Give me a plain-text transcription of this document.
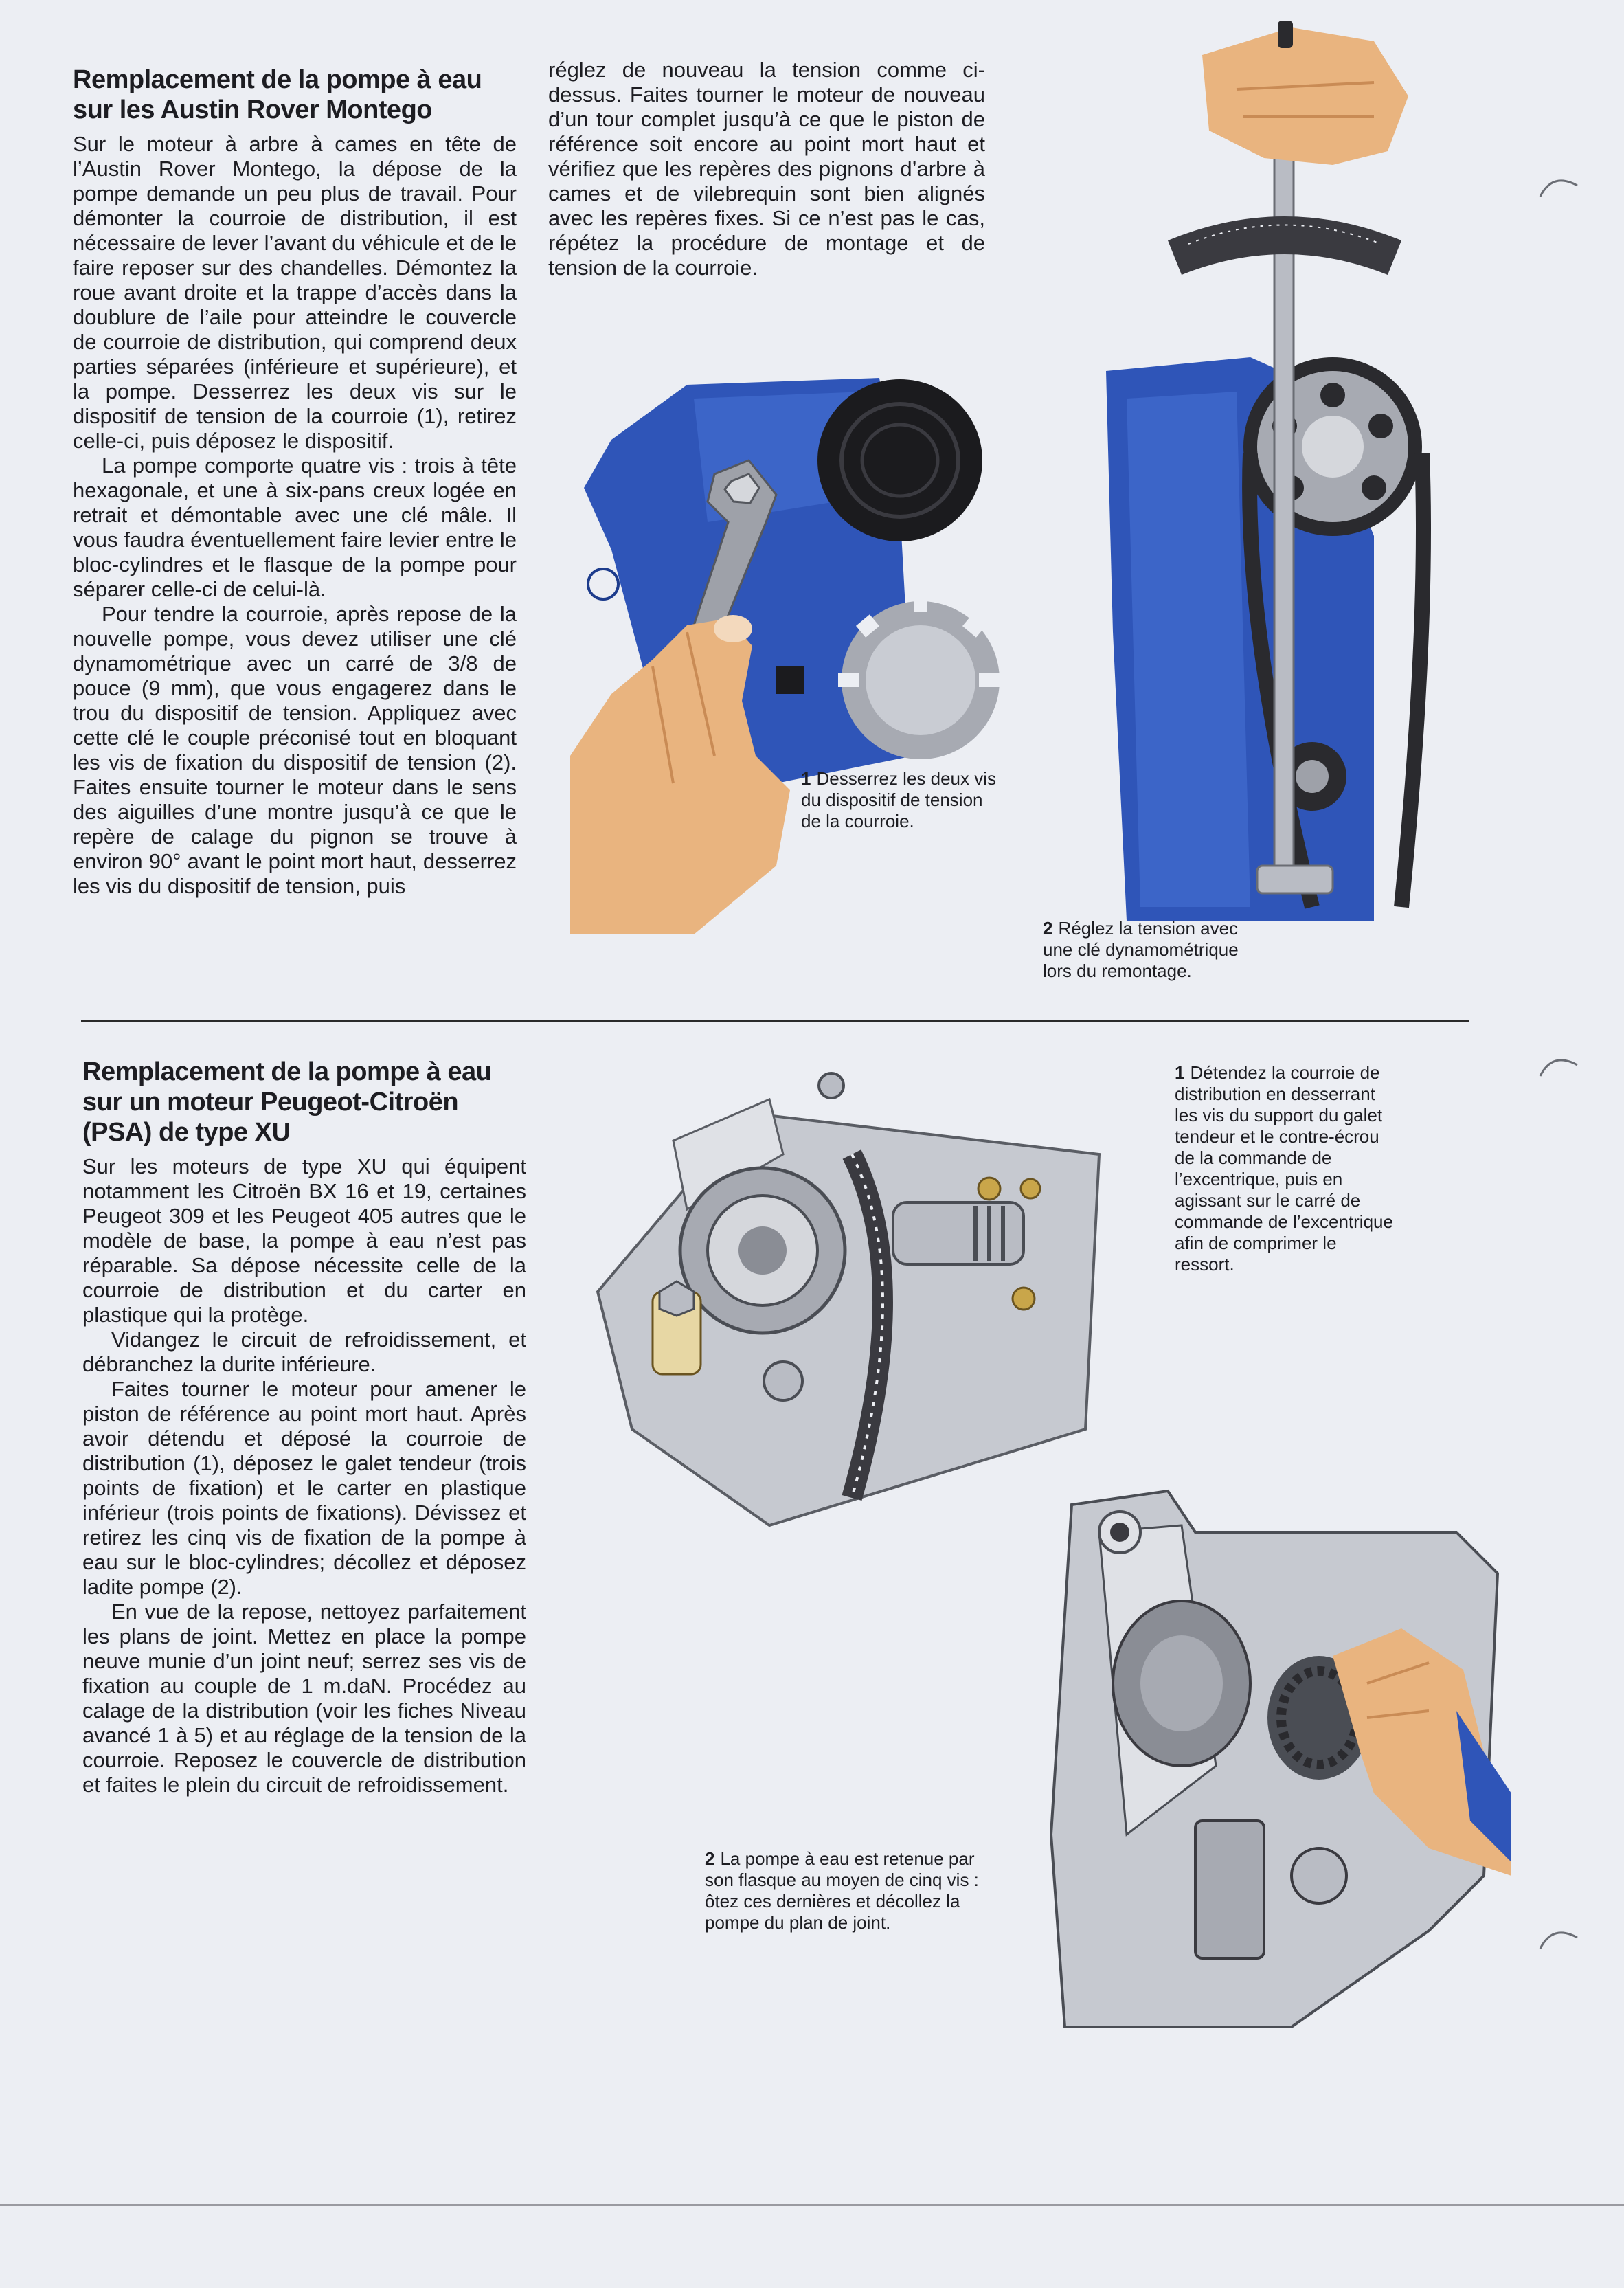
Remplacement de la pompe à eau
sur les Austin Rover Montego

Sur le moteur à arbre à cames en tête de l’Austin Rover Montego, la dépose de la pompe demande un peu plus de travail. Pour démonter la courroie de distribution, il est nécessaire de lever l’avant du véhicule et de le faire reposer sur des chandelles. Démontez la roue avant droite et la trappe d’accès dans la doublure de l’aile pour atteindre le couvercle de courroie de distribution, qui comprend deux parties séparées (inférieure et supérieure), et la pompe. Desserrez les deux vis sur le dispositif de tension de la courroie (1), retirez celle-ci, puis déposez le dispositif.

La pompe comporte quatre vis : trois à tête hexagonale, et une à six-pans creux logée en retrait et démontable avec une clé mâle. Il vous faudra éventuellement faire levier entre le bloc-cylindres et le flasque de la pompe pour séparer celle-ci de celui-là.

Pour tendre la courroie, après repose de la nouvelle pompe, vous devez utiliser une clé dynamométrique avec un carré de 3/8 de pouce (9 mm), que vous engagerez dans le trou du dispositif de tension. Appliquez avec cette clé le couple préconisé tout en bloquant les vis de fixation du dispositif de tension (2). Faites ensuite tourner le moteur dans le sens des aiguilles d’une montre jusqu’à ce que le repère de calage du pignon se trouve à environ 90° avant le point mort haut, desserrez les vis du dispositif de tension, puis

réglez de nouveau la tension comme ci-dessus. Faites tourner le moteur de nouveau d’un tour complet jusqu’à ce que le piston de référence soit encore au point mort haut et vérifiez que les repères des pignons d’arbre à cames et de vilebrequin sont bien alignés avec les repères fixes. Si ce n’est pas le cas, répétez la procédure de montage et de tension de la courroie.

1 Desserrez les deux vis du dispositif de tension de la courroie.
2 Réglez la tension avec une clé dynamométrique lors du remontage.
Remplacement de la pompe à eau
sur un moteur Peugeot-Citroën
(PSA) de type XU

Sur les moteurs de type XU qui équipent notamment les Citroën BX 16 et 19, certaines Peugeot 309 et les Peugeot 405 autres que le modèle de base, la pompe à eau n’est pas réparable. Sa dépose nécessite celle de la courroie de distribution et du carter en plastique qui la protège.

Vidangez le circuit de refroidissement, et débranchez la durite inférieure.

Faites tourner le moteur pour amener le piston de référence au point mort haut. Après avoir détendu et déposé la courroie de distribution (1), déposez le galet tendeur (trois points de fixation) et le carter en plastique inférieur (trois points de fixations). Dévissez et retirez les cinq vis de fixation de la pompe à eau sur le bloc-cylindres; décollez et déposez ladite pompe (2).

En vue de la repose, nettoyez parfaitement les plans de joint. Mettez en place la pompe neuve munie d’un joint neuf; serrez ses vis de fixation au couple de 1 m.daN. Procédez au calage de la distribution (voir les fiches Niveau avancé 1 à 5) et au réglage de la tension de la courroie. Reposez le couvercle de distribution et faites le plein du circuit de refroidissement.

1 Détendez la courroie de distribution en desserrant les vis du support du galet tendeur et le contre-écrou de la commande de l’excentrique, puis en agissant sur le carré de commande de l’excentrique afin de comprimer le ressort.
2 La pompe à eau est retenue par son flasque au moyen de cinq vis : ôtez ces dernières et décollez la pompe du plan de joint.
